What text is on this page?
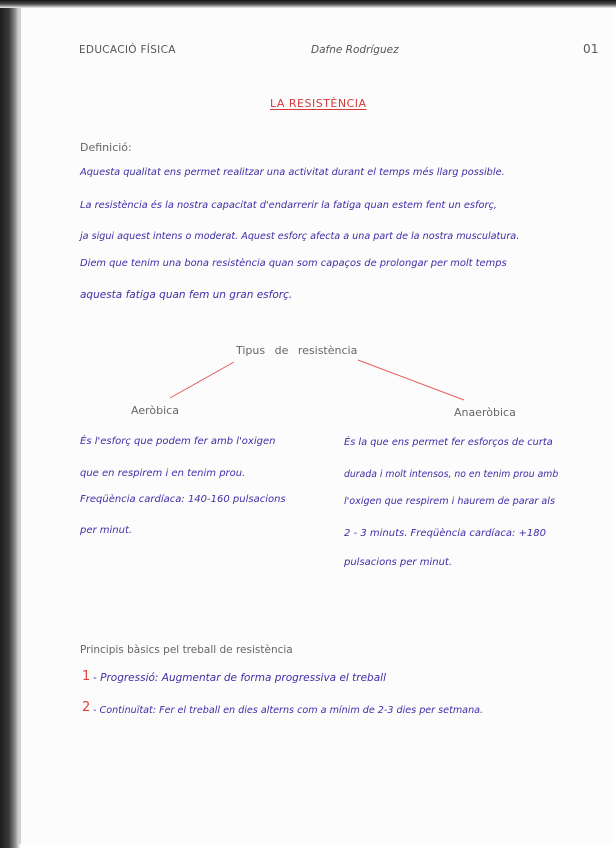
EDUCACIÓ FÍSICA	Dafne Rodríguez	01
LA RESISTÈNCIA
Definició:
Aquesta qualitat ens permet realitzar una activitat durant el temps més llarg possible.
La resistència és la nostra capacitat d'endarrerir la fatiga quan estem fent un esforç,
ja sigui aquest intens o moderat. Aquest esforç afecta a una part de la nostra musculatura.
Diem que tenim una bona resistència quan som capaços de prolongar per molt temps
aquesta fatiga quan fem un gran esforç.
Tipus de resistència
Aeròbica	Anaeròbica
És l'esforç que podem fer amb l'oxigen
que en respirem i en tenim prou.
Freqüència cardíaca: 140-160 pulsacions
per minut.
És la que ens permet fer esforços de curta
durada i molt intensos, no en tenim prou amb
l'oxigen que respirem i haurem de parar als
2 - 3 minuts. Freqüència cardíaca: +180
pulsacions per minut.
Principis bàsics pel treball de resistència
1 - Progressió: Augmentar de forma progressiva el treball
2 - Continuïtat: Fer el treball en dies alterns com a mínim de 2-3 dies per setmana.
